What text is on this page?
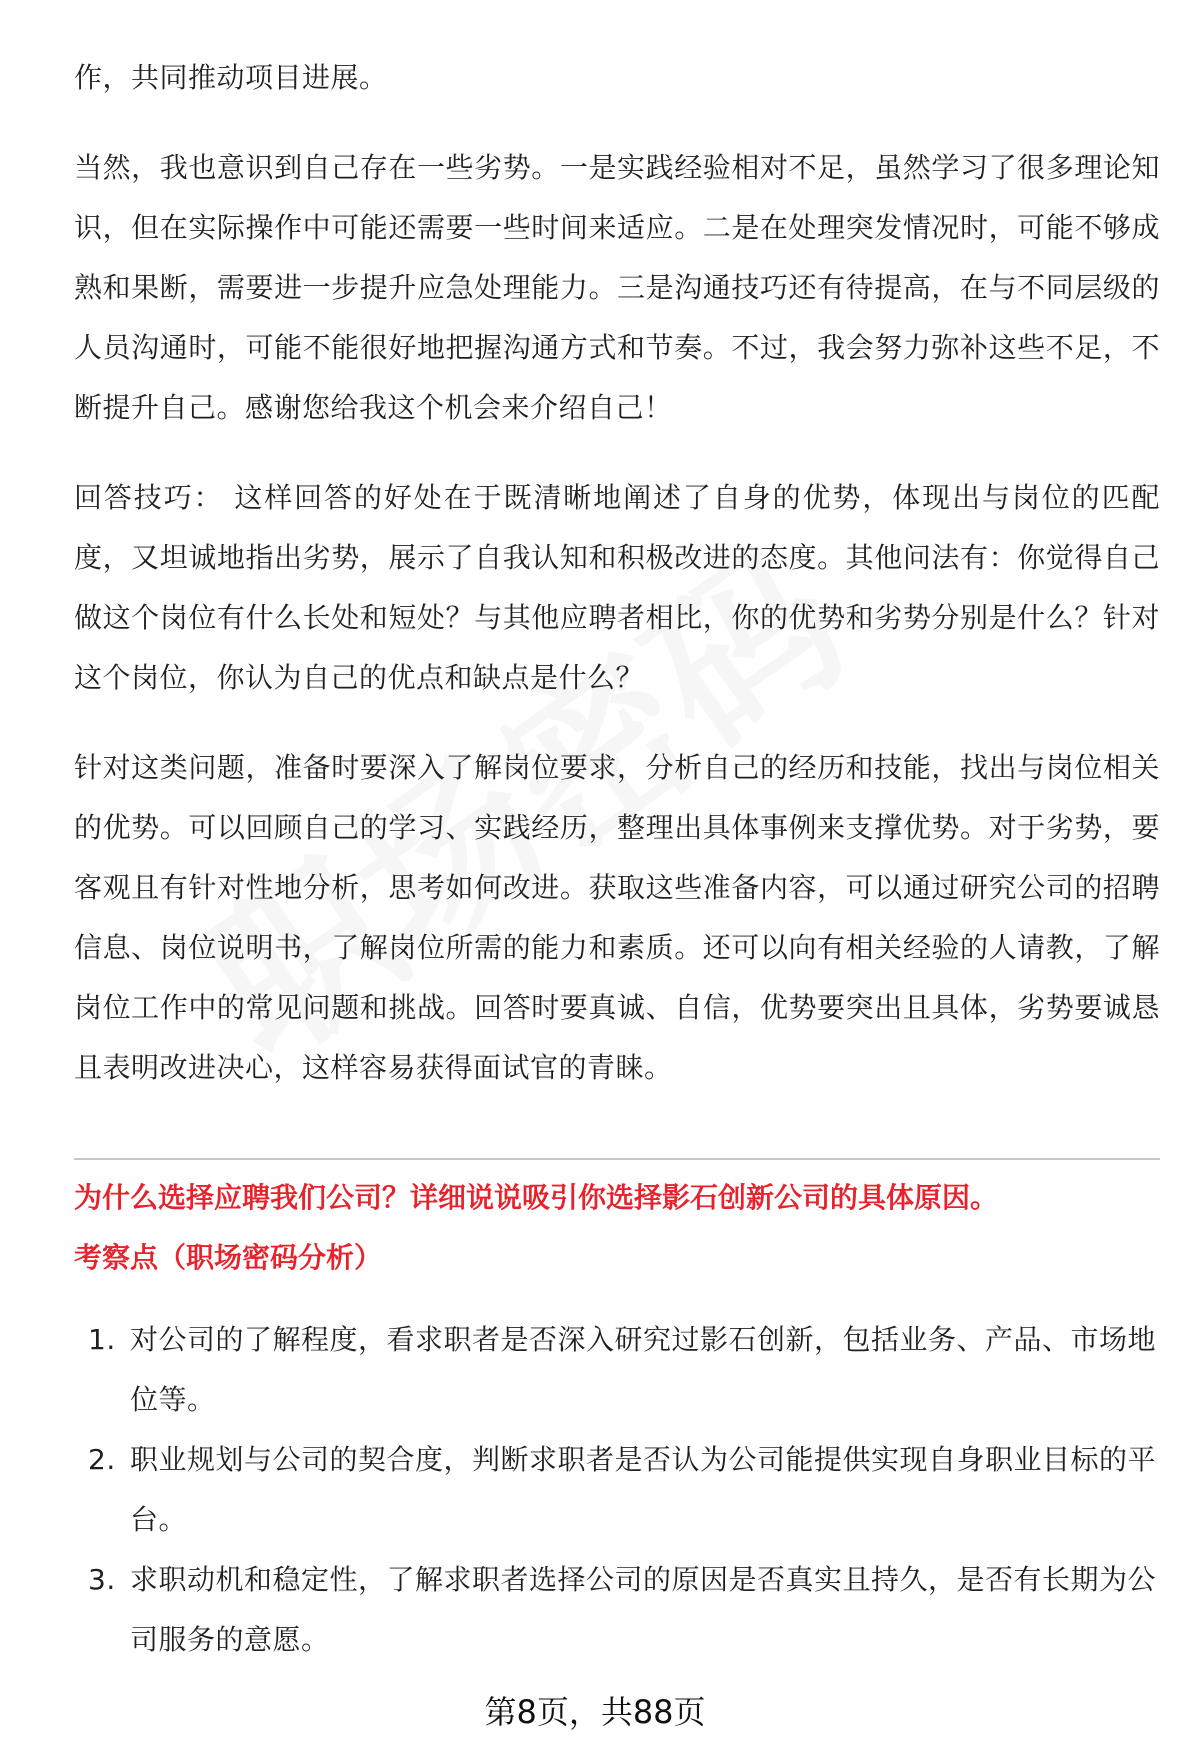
作，共同推动项目进展。

当然，我也意识到自己存在一些劣势。一是实践经验相对不足，虽然学习了很多理论知识，但在实际操作中可能还需要一些时间来适应。二是在处理突发情况时，可能不够成熟和果断，需要进一步提升应急处理能力。三是沟通技巧还有待提高，在与不同层级的人员沟通时，可能不能很好地把握沟通方式和节奏。不过，我会努力弥补这些不足，不断提升自己。感谢您给我这个机会来介绍自己！

回答技巧： 这样回答的好处在于既清晰地阐述了自身的优势，体现出与岗位的匹配度，又坦诚地指出劣势，展示了自我认知和积极改进的态度。其他问法有：你觉得自己做这个岗位有什么长处和短处？与其他应聘者相比，你的优势和劣势分别是什么？针对这个岗位，你认为自己的优点和缺点是什么？

针对这类问题，准备时要深入了解岗位要求，分析自己的经历和技能，找出与岗位相关的优势。可以回顾自己的学习、实践经历，整理出具体事例来支撑优势。对于劣势，要客观且有针对性地分析，思考如何改进。获取这些准备内容，可以通过研究公司的招聘信息、岗位说明书，了解岗位所需的能力和素质。还可以向有相关经验的人请教，了解岗位工作中的常见问题和挑战。回答时要真诚、自信，优势要突出且具体，劣势要诚恳且表明改进决心，这样容易获得面试官的青睐。

为什么选择应聘我们公司？详细说说吸引你选择影石创新公司的具体原因。

考察点（职场密码分析）

1. 对公司的了解程度，看求职者是否深入研究过影石创新，包括业务、产品、市场地位等。
2. 职业规划与公司的契合度，判断求职者是否认为公司能提供实现自身职业目标的平台。
3. 求职动机和稳定性，了解求职者选择公司的原因是否真实且持久，是否有长期为公司服务的意愿。
第8页，共88页
